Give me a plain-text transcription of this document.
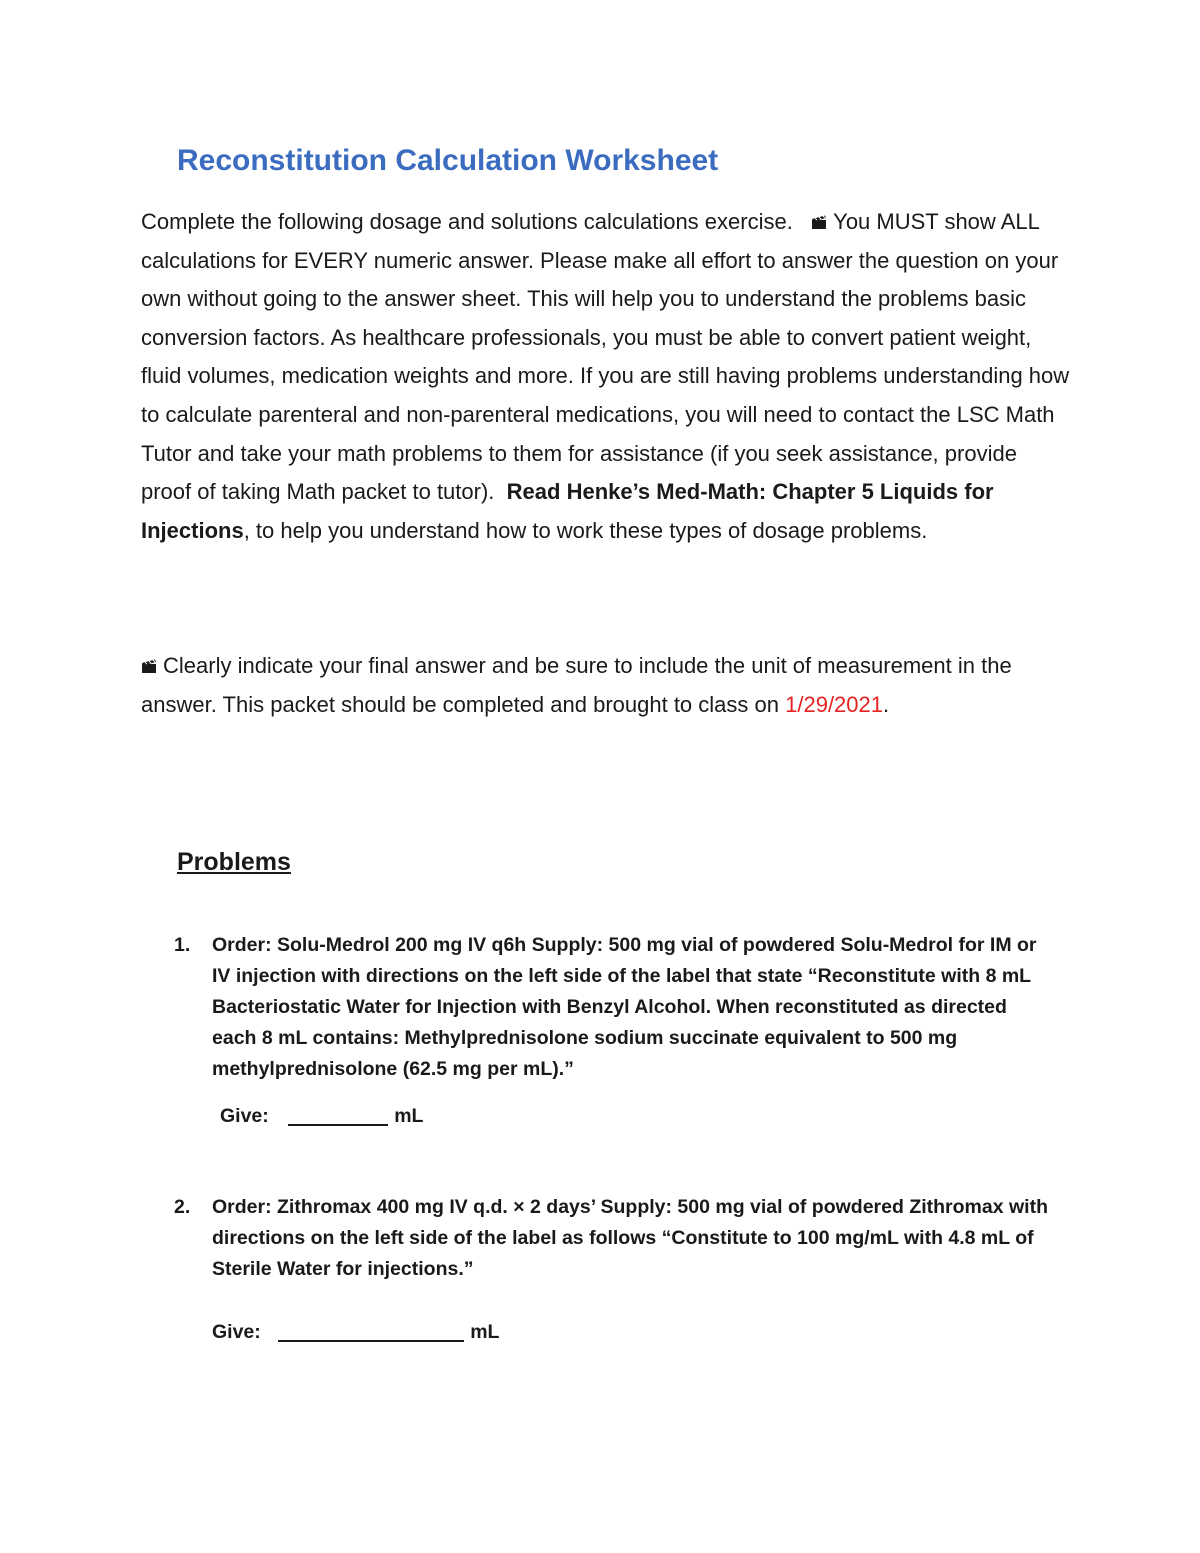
Reconstitution Calculation Worksheet

Complete the following dosage and solutions calculations exercise. You MUST show ALL calculations for EVERY numeric answer. Please make all effort to answer the question on your own without going to the answer sheet. This will help you to understand the problems basic conversion factors. As healthcare professionals, you must be able to convert patient weight, fluid volumes, medication weights and more. If you are still having problems understanding how to calculate parenteral and non-parenteral medications, you will need to contact the LSC Math Tutor and take your math problems to them for assistance (if you seek assistance, provide proof of taking Math packet to tutor). Read Henke’s Med-Math: Chapter 5 Liquids for Injections, to help you understand how to work these types of dosage problems.

Clearly indicate your final answer and be sure to include the unit of measurement in the answer. This packet should be completed and brought to class on 1/29/2021.

Problems
1. Order: Solu-Medrol 200 mg IV q6h Supply: 500 mg vial of powdered Solu-Medrol for IM or IV injection with directions on the left side of the label that state “Reconstitute with 8 mL Bacteriostatic Water for Injection with Benzyl Alcohol. When reconstituted as directed each 8 mL contains: Methylprednisolone sodium succinate equivalent to 500 mg methylprednisolone (62.5 mg per mL).”
Give:	mL
2. Order: Zithromax 400 mg IV q.d. × 2 days’ Supply: 500 mg vial of powdered Zithromax with directions on the left side of the label as follows “Constitute to 100 mg/mL with 4.8 mL of Sterile Water for injections.”
Give:	mL
